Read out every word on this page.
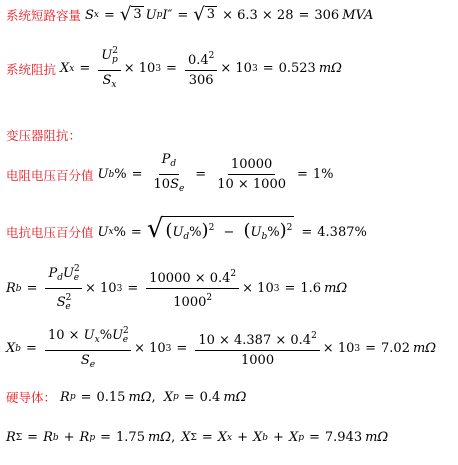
系统短路容量 S x = √ 3 U p I″ = √ 3 × 6.3 × 28 = 306 MVA
系统阻抗 X $x = \frac{U^2_p}{S_x} \times 10$ $3 = \frac{0.4^2}{306} \times 10$ 3 = 0.523 mΩ
变压器阻抗：
电阻电压百分值 U b % = $\frac{P_d}{10S_e} = \frac{10000}{10 \times 1000} = 1\%$
电抗电压百分值 U x % = √ $(U_d\%)^2 - (U_b\%)^2 = 4.387\%$
R $b = \frac{P_dU^2_e}{S^2_e} \times 10$ $3 = \frac{10000 \times 0.4^2}{1000^2} \times 10$ 3 = 1.6 mΩ
X $b = \frac{10 \times U_x\%U^2_e}{S_e} \times 10$ $3 = \frac{10 \times 4.387 \times 0.4^2}{1000} \times 10$ 3 = 7.02 mΩ
硬导体： R p = 0.15 mΩ , X p = 0.4 mΩ
R Σ = R b + R p = 1.75 mΩ , X Σ = X x + X b + X p = 7.943 mΩ
